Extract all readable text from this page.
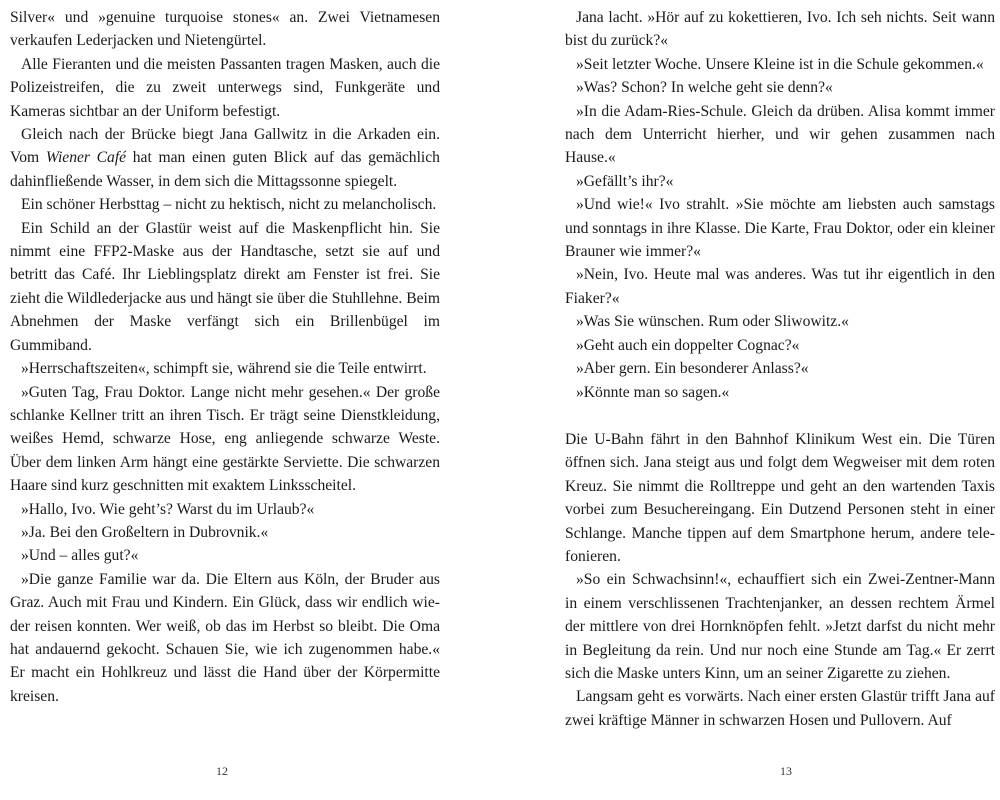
Silver« und »genuine turquoise stones« an. Zwei Vietnamesen verkaufen Lederjacken und Nietengürtel.

Alle Fieranten und die meisten Passanten tragen Masken, auch die Polizeistreifen, die zu zweit unterwegs sind, Funkgeräte und Kameras sichtbar an der Uniform befestigt.

Gleich nach der Brücke biegt Jana Gallwitz in die Arkaden ein. Vom Wiener Café hat man einen guten Blick auf das gemächlich dahinfließende Wasser, in dem sich die Mittagssonne spiegelt.

Ein schöner Herbsttag – nicht zu hektisch, nicht zu melancholisch.

Ein Schild an der Glastür weist auf die Maskenpflicht hin. Sie nimmt eine FFP2-Maske aus der Handtasche, setzt sie auf und betritt das Café. Ihr Lieblingsplatz direkt am Fenster ist frei. Sie zieht die Wildlederjacke aus und hängt sie über die Stuhllehne. Beim Abnehmen der Maske verfängt sich ein Brillenbügel im Gummiband.

»Herrschaftszeiten«, schimpft sie, während sie die Teile entwirrt.

»Guten Tag, Frau Doktor. Lange nicht mehr gesehen.« Der große schlanke Kellner tritt an ihren Tisch. Er trägt seine Dienstkleidung, weißes Hemd, schwarze Hose, eng anliegende schwarze Weste. Über dem linken Arm hängt eine gestärkte Serviette. Die schwarzen Haare sind kurz geschnitten mit exaktem Linksscheitel.

»Hallo, Ivo. Wie geht’s? Warst du im Urlaub?«

»Ja. Bei den Großeltern in Dubrovnik.«

»Und – alles gut?«

»Die ganze Familie war da. Die Eltern aus Köln, der Bruder aus Graz. Auch mit Frau und Kindern. Ein Glück, dass wir endlich wieder reisen konnten. Wer weiß, ob das im Herbst so bleibt. Die Oma hat andauernd gekocht. Schauen Sie, wie ich zugenommen habe.« Er macht ein Hohlkreuz und lässt die Hand über der Körpermitte kreisen.

Jana lacht. »Hör auf zu kokettieren, Ivo. Ich seh nichts. Seit wann bist du zurück?«

»Seit letzter Woche. Unsere Kleine ist in die Schule gekommen.«

»Was? Schon? In welche geht sie denn?«

»In die Adam-Ries-Schule. Gleich da drüben. Alisa kommt immer nach dem Unterricht hierher, und wir gehen zusammen nach Hause.«

»Gefällt’s ihr?«

»Und wie!« Ivo strahlt. »Sie möchte am liebsten auch samstags und sonntags in ihre Klasse. Die Karte, Frau Doktor, oder ein kleiner Brauner wie immer?«

»Nein, Ivo. Heute mal was anderes. Was tut ihr eigentlich in den Fiaker?«

»Was Sie wünschen. Rum oder Sliwowitz.«

»Geht auch ein doppelter Cognac?«

»Aber gern. Ein besonderer Anlass?«

»Könnte man so sagen.«

Die U-Bahn fährt in den Bahnhof Klinikum West ein. Die Türen öffnen sich. Jana steigt aus und folgt dem Wegweiser mit dem roten Kreuz. Sie nimmt die Rolltreppe und geht an den wartenden Taxis vorbei zum Besuchereingang. Ein Dutzend Personen steht in einer Schlange. Manche tippen auf dem Smartphone herum, andere telefonieren.

»So ein Schwachsinn!«, echauffiert sich ein Zwei-Zentner-Mann in einem verschlissenen Trachtenjanker, an dessen rechtem Ärmel der mittlere von drei Hornknöpfen fehlt. »Jetzt darfst du nicht mehr in Begleitung da rein. Und nur noch eine Stunde am Tag.« Er zerrt sich die Maske unters Kinn, um an seiner Zigarette zu ziehen.

Langsam geht es vorwärts. Nach einer ersten Glastür trifft Jana auf zwei kräftige Männer in schwarzen Hosen und Pullovern. Auf

12	13
